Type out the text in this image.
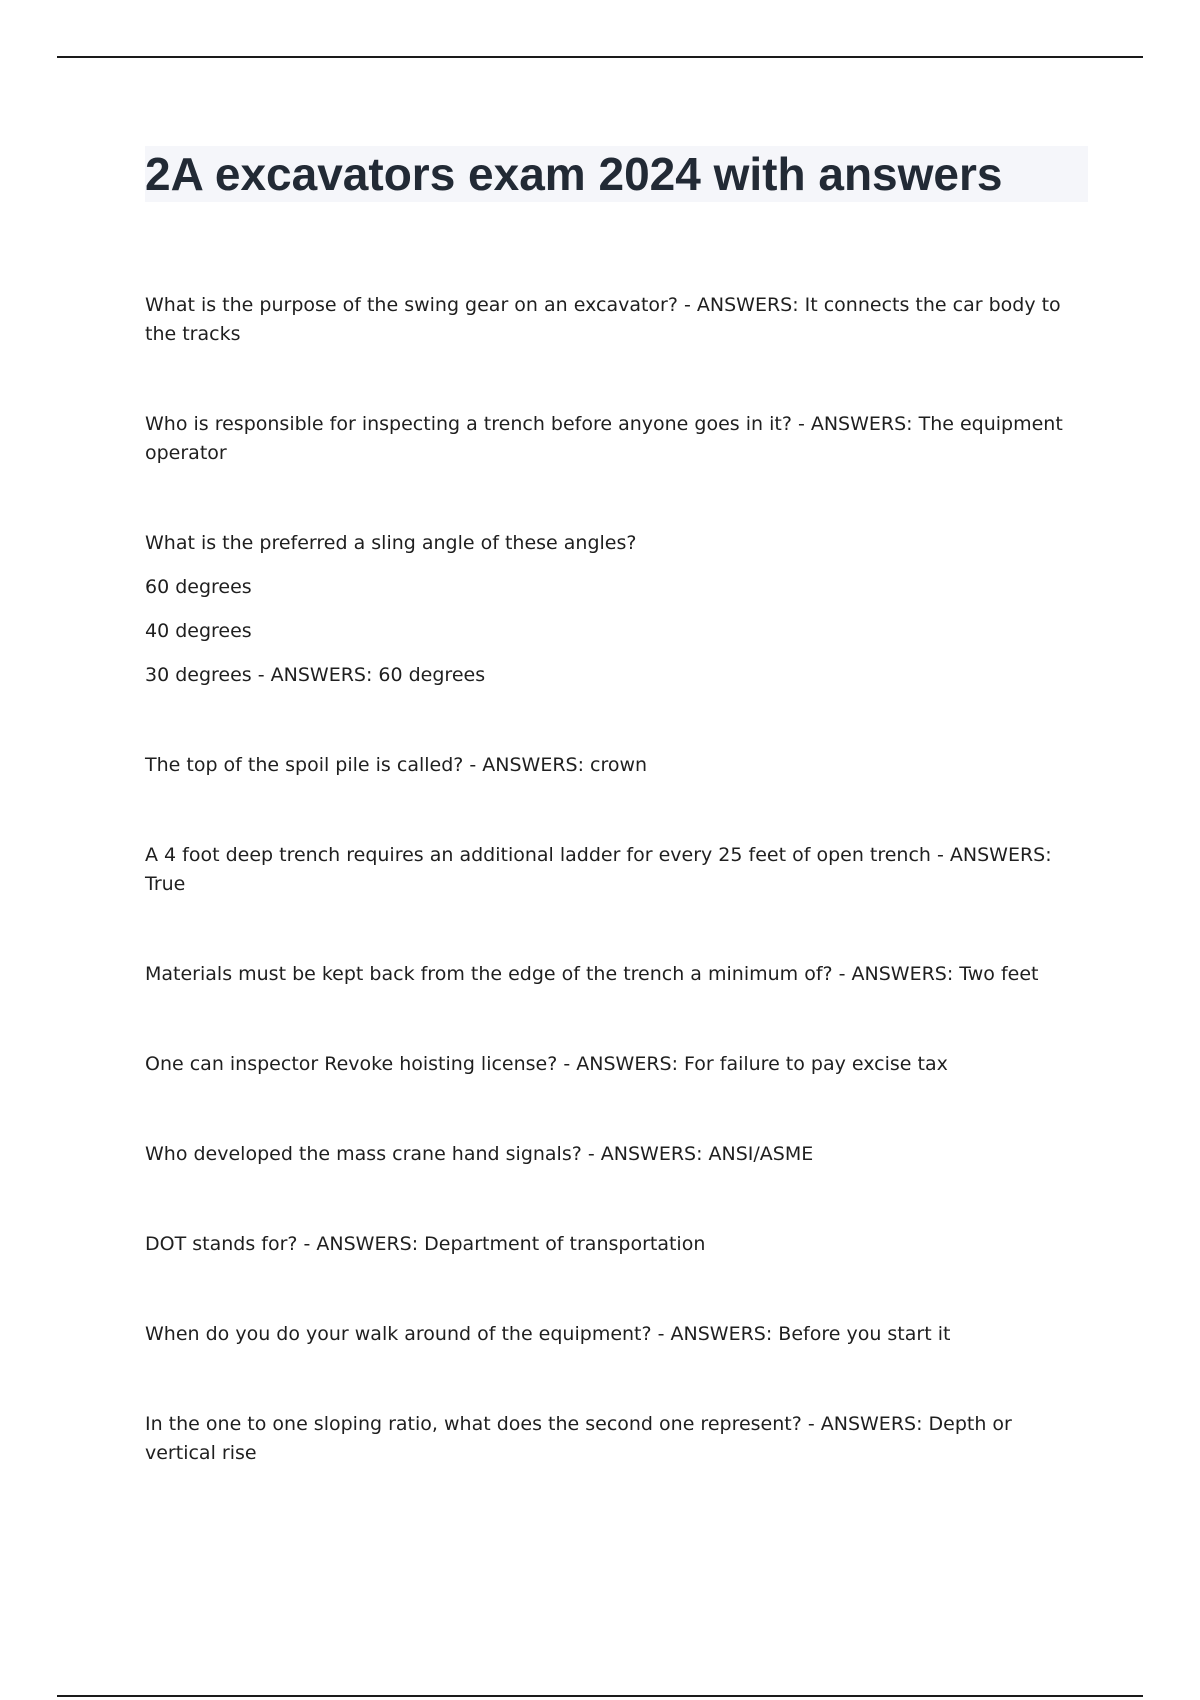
2A excavators exam 2024 with answers

What is the purpose of the swing gear on an excavator? - ANSWERS: It connects the car body to the tracks

Who is responsible for inspecting a trench before anyone goes in it? - ANSWERS: The equipment operator

What is the preferred a sling angle of these angles?

60 degrees

40 degrees

30 degrees - ANSWERS: 60 degrees

The top of the spoil pile is called? - ANSWERS: crown

A 4 foot deep trench requires an additional ladder for every 25 feet of open trench - ANSWERS: True

Materials must be kept back from the edge of the trench a minimum of? - ANSWERS: Two feet

One can inspector Revoke hoisting license? - ANSWERS: For failure to pay excise tax

Who developed the mass crane hand signals? - ANSWERS: ANSI/ASME

DOT stands for? - ANSWERS: Department of transportation

When do you do your walk around of the equipment? - ANSWERS: Before you start it

In the one to one sloping ratio, what does the second one represent? - ANSWERS: Depth or vertical rise
